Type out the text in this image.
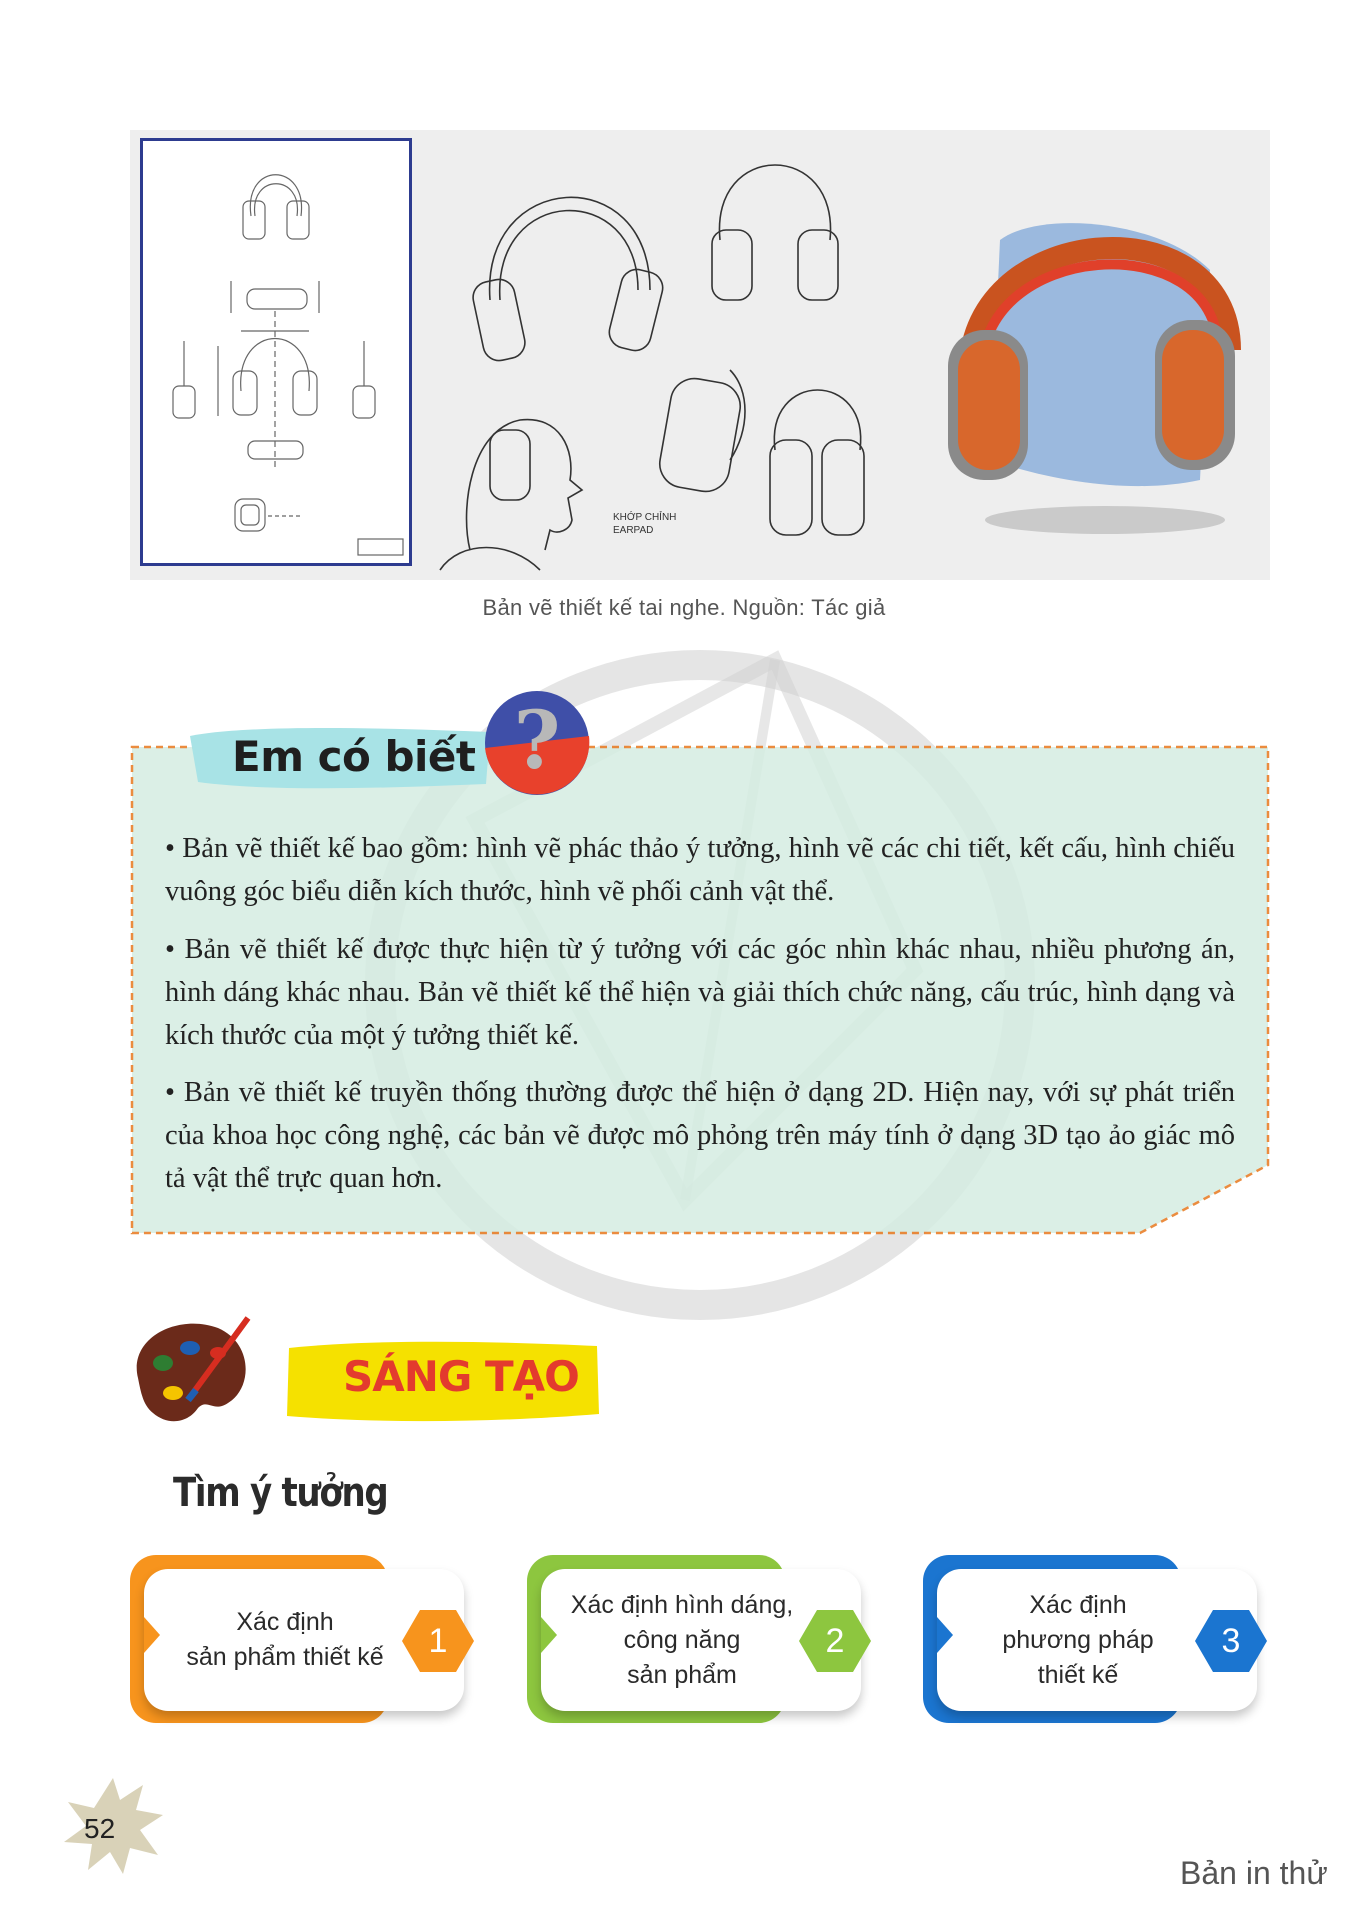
KHỚP CHỈNH
EARPAD
Bản vẽ thiết kế tai nghe. Nguồn: Tác giả
Em có biết ?
• Bản vẽ thiết kế bao gồm: hình vẽ phác thảo ý tưởng, hình vẽ các chi tiết, kết cấu, hình chiếu vuông góc biểu diễn kích thước, hình vẽ phối cảnh vật thể.
• Bản vẽ thiết kế được thực hiện từ ý tưởng với các góc nhìn khác nhau, nhiều phương án, hình dáng khác nhau. Bản vẽ thiết kế thể hiện và giải thích chức năng, cấu trúc, hình dạng và kích thước của một ý tưởng thiết kế.
• Bản vẽ thiết kế truyền thống thường được thể hiện ở dạng 2D. Hiện nay, với sự phát triển của khoa học công nghệ, các bản vẽ được mô phỏng trên máy tính ở dạng 3D tạo ảo giác mô tả vật thể trực quan hơn.
SÁNG TẠO
Tìm ý tưởng
Xác định
sản phẩm thiết kế	1
Xác định hình dáng,
công năng
sản phẩm
2
Xác định
phương pháp
thiết kế
3
52
Bản in thử
